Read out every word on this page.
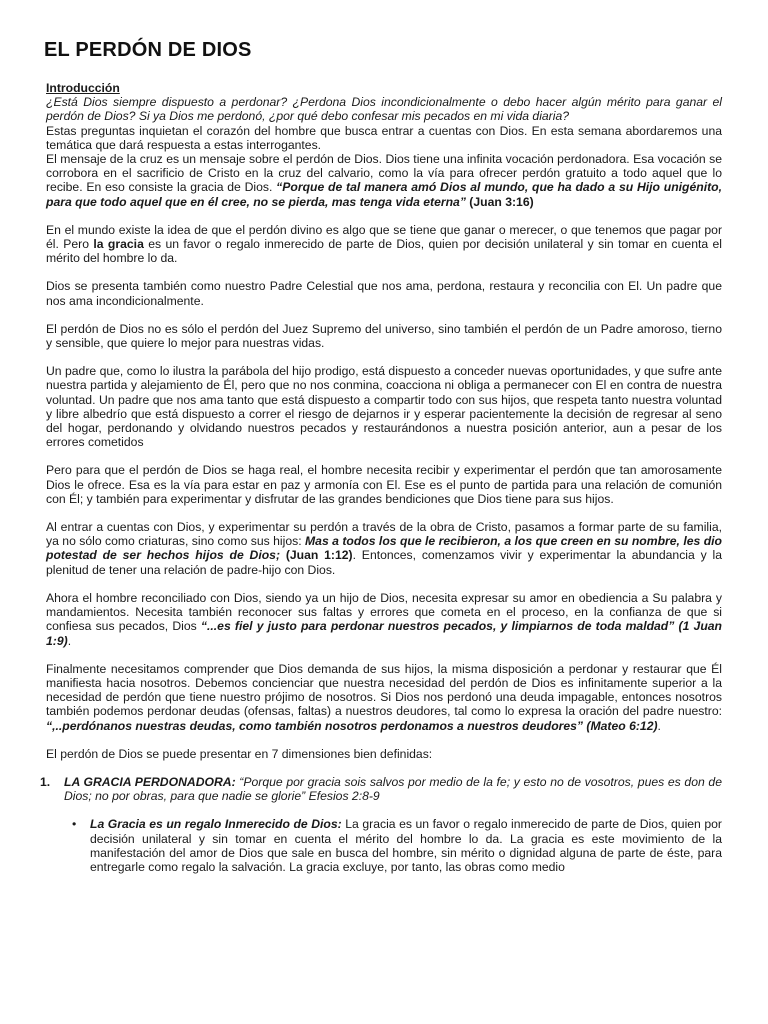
EL PERDÓN DE DIOS

Introducción

¿Está Dios siempre dispuesto a perdonar? ¿Perdona Dios incondicionalmente o debo hacer algún mérito para ganar el perdón de Dios? Si ya Dios me perdonó, ¿por qué debo confesar mis pecados en mi vida diaria?

Estas preguntas inquietan el corazón del hombre que busca entrar a cuentas con Dios. En esta semana abordaremos una temática que dará respuesta a estas interrogantes.

El mensaje de la cruz es un mensaje sobre el perdón de Dios. Dios tiene una infinita vocación perdonadora. Esa vocación se corrobora en el sacrificio de Cristo en la cruz del calvario, como la vía para ofrecer perdón gratuito a todo aquel que lo recibe. En eso consiste la gracia de Dios. “Porque de tal manera amó Dios al mundo, que ha dado a su Hijo unigénito, para que todo aquel que en él cree, no se pierda, mas tenga vida eterna” (Juan 3:16)

En el mundo existe la idea de que el perdón divino es algo que se tiene que ganar o merecer, o que tenemos que pagar por él. Pero la gracia es un favor o regalo inmerecido de parte de Dios, quien por decisión unilateral y sin tomar en cuenta el mérito del hombre lo da.

Dios se presenta también como nuestro Padre Celestial que nos ama, perdona, restaura y reconcilia con El. Un padre que nos ama incondicionalmente.

El perdón de Dios no es sólo el perdón del Juez Supremo del universo, sino también el perdón de un Padre amoroso, tierno y sensible, que quiere lo mejor para nuestras vidas.

Un padre que, como lo ilustra la parábola del hijo prodigo, está dispuesto a conceder nuevas oportunidades, y que sufre ante nuestra partida y alejamiento de Él, pero que no nos conmina, coacciona ni obliga a permanecer con El en contra de nuestra voluntad. Un padre que nos ama tanto que está dispuesto a compartir todo con sus hijos, que respeta tanto nuestra voluntad y libre albedrío que está dispuesto a correr el riesgo de dejarnos ir y esperar pacientemente la decisión de regresar al seno del hogar, perdonando y olvidando nuestros pecados y restaurándonos a nuestra posición anterior, aun a pesar de los errores cometidos

Pero para que el perdón de Dios se haga real, el hombre necesita recibir y experimentar el perdón que tan amorosamente Dios le ofrece. Esa es la vía para estar en paz y armonía con El. Ese es el punto de partida para una relación de comunión con Él; y también para experimentar y disfrutar de las grandes bendiciones que Dios tiene para sus hijos.

Al entrar a cuentas con Dios, y experimentar su perdón a través de la obra de Cristo, pasamos a formar parte de su familia, ya no sólo como criaturas, sino como sus hijos: Mas a todos los que le recibieron, a los que creen en su nombre, les dio potestad de ser hechos hijos de Dios; (Juan 1:12). Entonces, comenzamos vivir y experimentar la abundancia y la plenitud de tener una relación de padre-hijo con Dios.

Ahora el hombre reconciliado con Dios, siendo ya un hijo de Dios, necesita expresar su amor en obediencia a Su palabra y mandamientos. Necesita también reconocer sus faltas y errores que cometa en el proceso, en la confianza de que si confiesa sus pecados, Dios “...es fiel y justo para perdonar nuestros pecados, y limpiarnos de toda maldad” (1 Juan 1:9).

Finalmente necesitamos comprender que Dios demanda de sus hijos, la misma disposición a perdonar y restaurar que Él manifiesta hacia nosotros. Debemos concienciar que nuestra necesidad del perdón de Dios es infinitamente superior a la necesidad de perdón que tiene nuestro prójimo de nosotros. Si Dios nos perdonó una deuda impagable, entonces nosotros también podemos perdonar deudas (ofensas, faltas) a nuestros deudores, tal como lo expresa la oración del padre nuestro: “,..perdónanos nuestras deudas, como también nosotros perdonamos a nuestros deudores” (Mateo 6:12).

El perdón de Dios se puede presentar en 7 dimensiones bien definidas:

1. LA GRACIA PERDONADORA: “Porque por gracia sois salvos por medio de la fe; y esto no de vosotros, pues es don de Dios; no por obras, para que nadie se glorie” Efesios 2:8-9

• La Gracia es un regalo Inmerecido de Dios: La gracia es un favor o regalo inmerecido de parte de Dios, quien por decisión unilateral y sin tomar en cuenta el mérito del hombre lo da. La gracia es este movimiento de la manifestación del amor de Dios que sale en busca del hombre, sin mérito o dignidad alguna de parte de éste, para entregarle como regalo la salvación. La gracia excluye, por tanto, las obras como medio
